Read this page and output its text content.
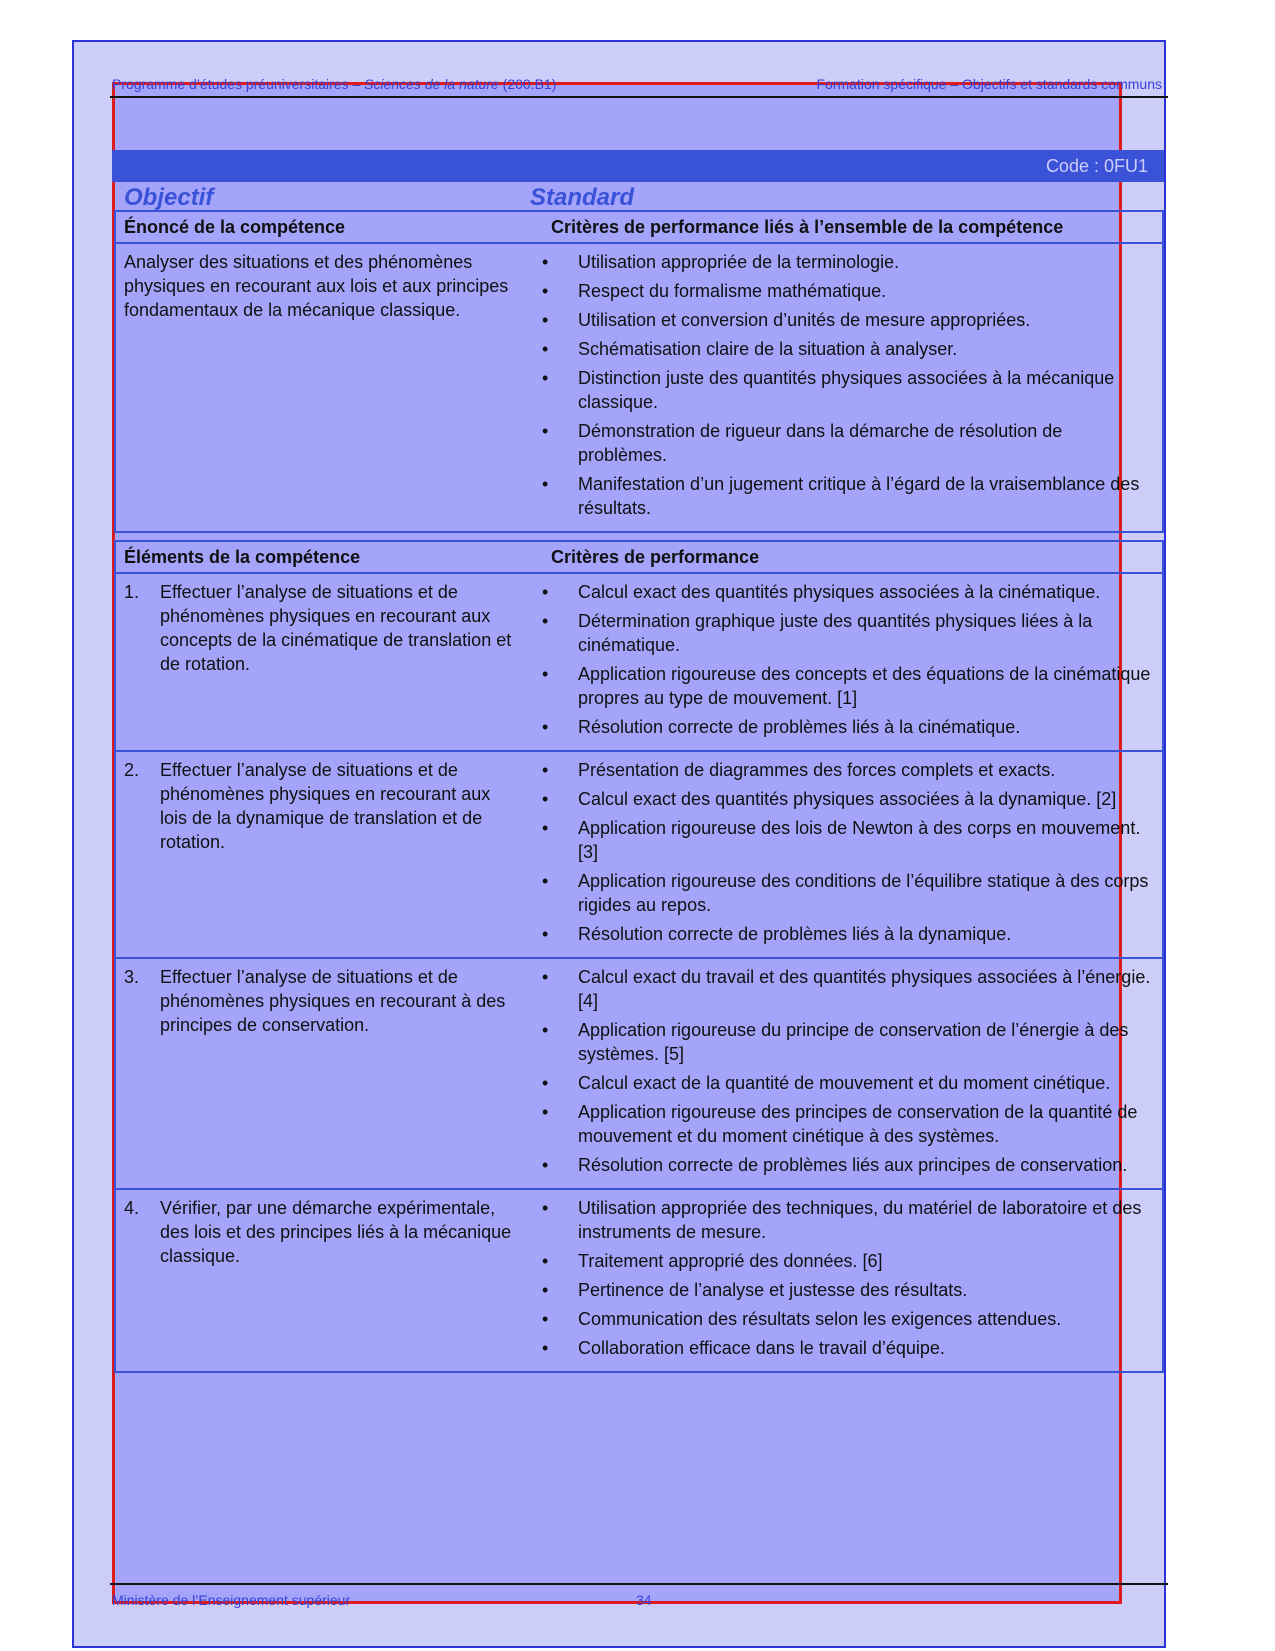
Programme d’études préuniversitaires – Sciences de la nature (200.B1)	Formation spécifique – Objectifs et standards communs
Code : 0FU1
Objectif	Standard
Énoncé de la compétence	Critères de performance liés à l’ensemble de la compétence
Analyser des situations et des phénomènes physiques en recourant aux lois et aux principes fondamentaux de la mécanique classique.
• Utilisation appropriée de la terminologie.
• Respect du formalisme mathématique.
• Utilisation et conversion d’unités de mesure appropriées.
• Schématisation claire de la situation à analyser.
• Distinction juste des quantités physiques associées à la mécanique classique.
• Démonstration de rigueur dans la démarche de résolution de problèmes.
• Manifestation d’un jugement critique à l’égard de la vraisemblance des résultats.
Éléments de la compétence	Critères de performance
1.	Effectuer l’analyse de situations et de phénomènes physiques en recourant aux concepts de la cinématique de translation et de rotation.
• Calcul exact des quantités physiques associées à la cinématique.
• Détermination graphique juste des quantités physiques liées à la cinématique.
• Application rigoureuse des concepts et des équations de la cinématique propres au type de mouvement. [1]
• Résolution correcte de problèmes liés à la cinématique.
2.	Effectuer l’analyse de situations et de phénomènes physiques en recourant aux lois de la dynamique de translation et de rotation.
• Présentation de diagrammes des forces complets et exacts.
• Calcul exact des quantités physiques associées à la dynamique. [2]
• Application rigoureuse des lois de Newton à des corps en mouvement. [3]
• Application rigoureuse des conditions de l’équilibre statique à des corps rigides au repos.
• Résolution correcte de problèmes liés à la dynamique.
3.	Effectuer l’analyse de situations et de phénomènes physiques en recourant à des principes de conservation.
• Calcul exact du travail et des quantités physiques associées à l’énergie. [4]
• Application rigoureuse du principe de conservation de l’énergie à des systèmes. [5]
• Calcul exact de la quantité de mouvement et du moment cinétique.
• Application rigoureuse des principes de conservation de la quantité de mouvement et du moment cinétique à des systèmes.
• Résolution correcte de problèmes liés aux principes de conservation.
4.	Vérifier, par une démarche expérimentale, des lois et des principes liés à la mécanique classique.
• Utilisation appropriée des techniques, du matériel de laboratoire et des instruments de mesure.
• Traitement approprié des données. [6]
• Pertinence de l’analyse et justesse des résultats.
• Communication des résultats selon les exigences attendues.
• Collaboration efficace dans le travail d’équipe.
Ministère de l’Enseignement supérieur	34
